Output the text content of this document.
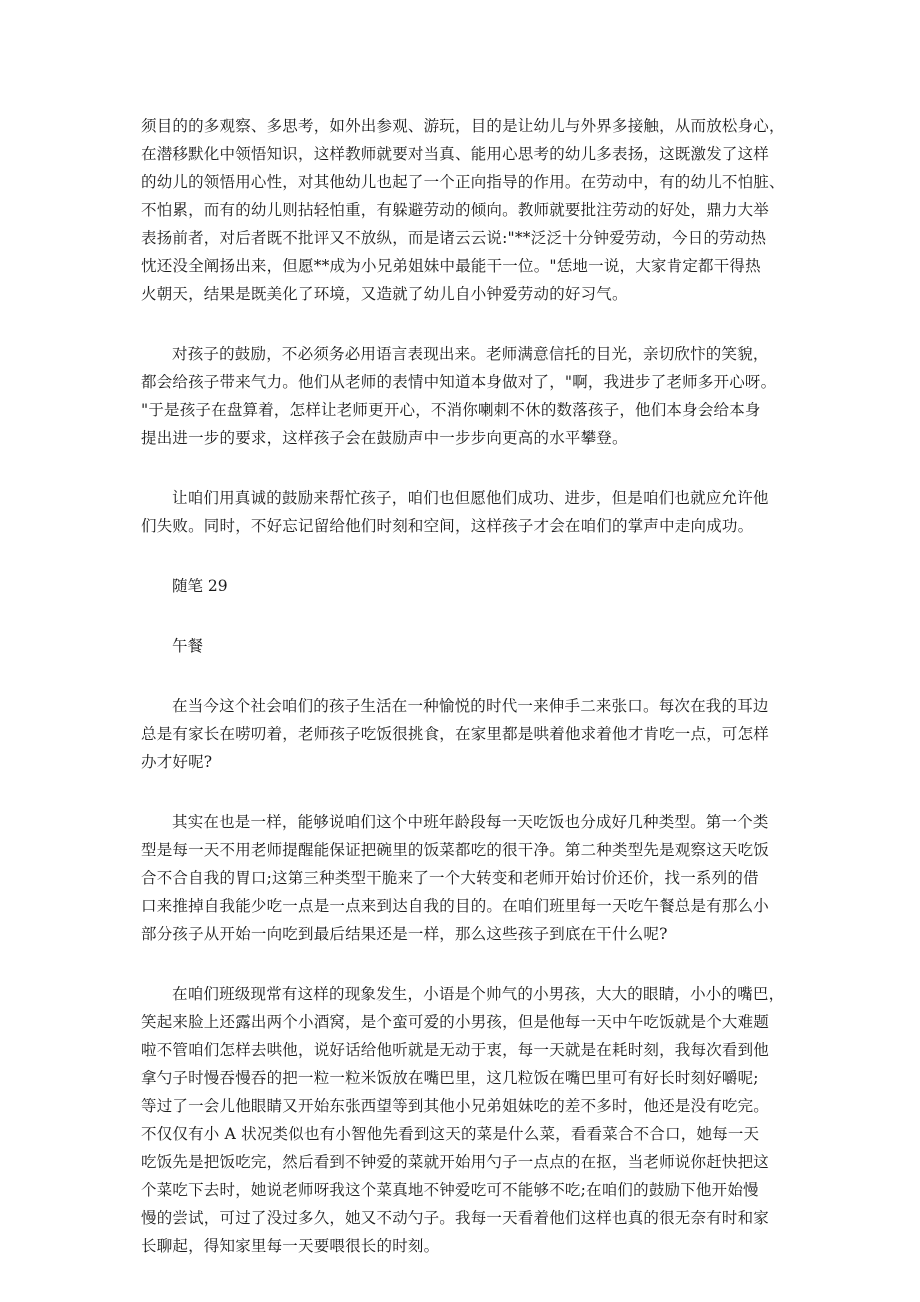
须目的的多观察、多思考，如外出参观、游玩，目的是让幼儿与外界多接触，从而放松身心，
在潜移默化中领悟知识，这样教师就要对当真、能用心思考的幼儿多表扬，这既激发了这样
的幼儿的领悟用心性，对其他幼儿也起了一个正向指导的作用。在劳动中，有的幼儿不怕脏、
不怕累，而有的幼儿则拈轻怕重，有躲避劳动的倾向。教师就要批注劳动的好处，鼎力大举
表扬前者，对后者既不批评又不放纵，而是诸云云说:"**泛泛十分钟爱劳动，今日的劳动热
忱还没全阐扬出来，但愿**成为小兄弟姐妹中最能干一位。"恁地一说，大家肯定都干得热
火朝天，结果是既美化了环境，又造就了幼儿自小钟爱劳动的好习气。
对孩子的鼓励，不必须务必用语言表现出来。老师满意信托的目光，亲切欣忭的笑貌，
都会给孩子带来气力。他们从老师的表情中知道本身做对了，"啊，我进步了老师多开心呀。
"于是孩子在盘算着，怎样让老师更开心，不消你喇刺不休的数落孩子，他们本身会给本身
提出进一步的要求，这样孩子会在鼓励声中一步步向更高的水平攀登。
让咱们用真诚的鼓励来帮忙孩子，咱们也但愿他们成功、进步，但是咱们也就应允许他
们失败。同时，不好忘记留给他们时刻和空间，这样孩子才会在咱们的掌声中走向成功。
随笔 29
午餐
在当今这个社会咱们的孩子生活在一种愉悦的时代一来伸手二来张口。每次在我的耳边
总是有家长在唠叨着，老师孩子吃饭很挑食，在家里都是哄着他求着他才肯吃一点，可怎样
办才好呢?
其实在也是一样，能够说咱们这个中班年龄段每一天吃饭也分成好几种类型。第一个类
型是每一天不用老师提醒能保证把碗里的饭菜都吃的很干净。第二种类型先是观察这天吃饭
合不合自我的胃口;这第三种类型干脆来了一个大转变和老师开始讨价还价，找一系列的借
口来推掉自我能少吃一点是一点来到达自我的目的。在咱们班里每一天吃午餐总是有那么小
部分孩子从开始一向吃到最后结果还是一样，那么这些孩子到底在干什么呢?
在咱们班级现常有这样的现象发生，小语是个帅气的小男孩，大大的眼睛，小小的嘴巴，
笑起来脸上还露出两个小酒窝，是个蛮可爱的小男孩，但是他每一天中午吃饭就是个大难题
啦不管咱们怎样去哄他，说好话给他听就是无动于衷，每一天就是在耗时刻，我每次看到他
拿勺子时慢吞慢吞的把一粒一粒米饭放在嘴巴里，这几粒饭在嘴巴里可有好长时刻好嚼呢;
等过了一会儿他眼睛又开始东张西望等到其他小兄弟姐妹吃的差不多时，他还是没有吃完。
不仅仅有小 A 状况类似也有小智他先看到这天的菜是什么菜，看看菜合不合口，她每一天
吃饭先是把饭吃完，然后看到不钟爱的菜就开始用勺子一点点的在抠，当老师说你赶快把这
个菜吃下去时，她说老师呀我这个菜真地不钟爱吃可不能够不吃;在咱们的鼓励下他开始慢
慢的尝试，可过了没过多久，她又不动勺子。我每一天看着他们这样也真的很无奈有时和家
长聊起，得知家里每一天要喂很长的时刻。
